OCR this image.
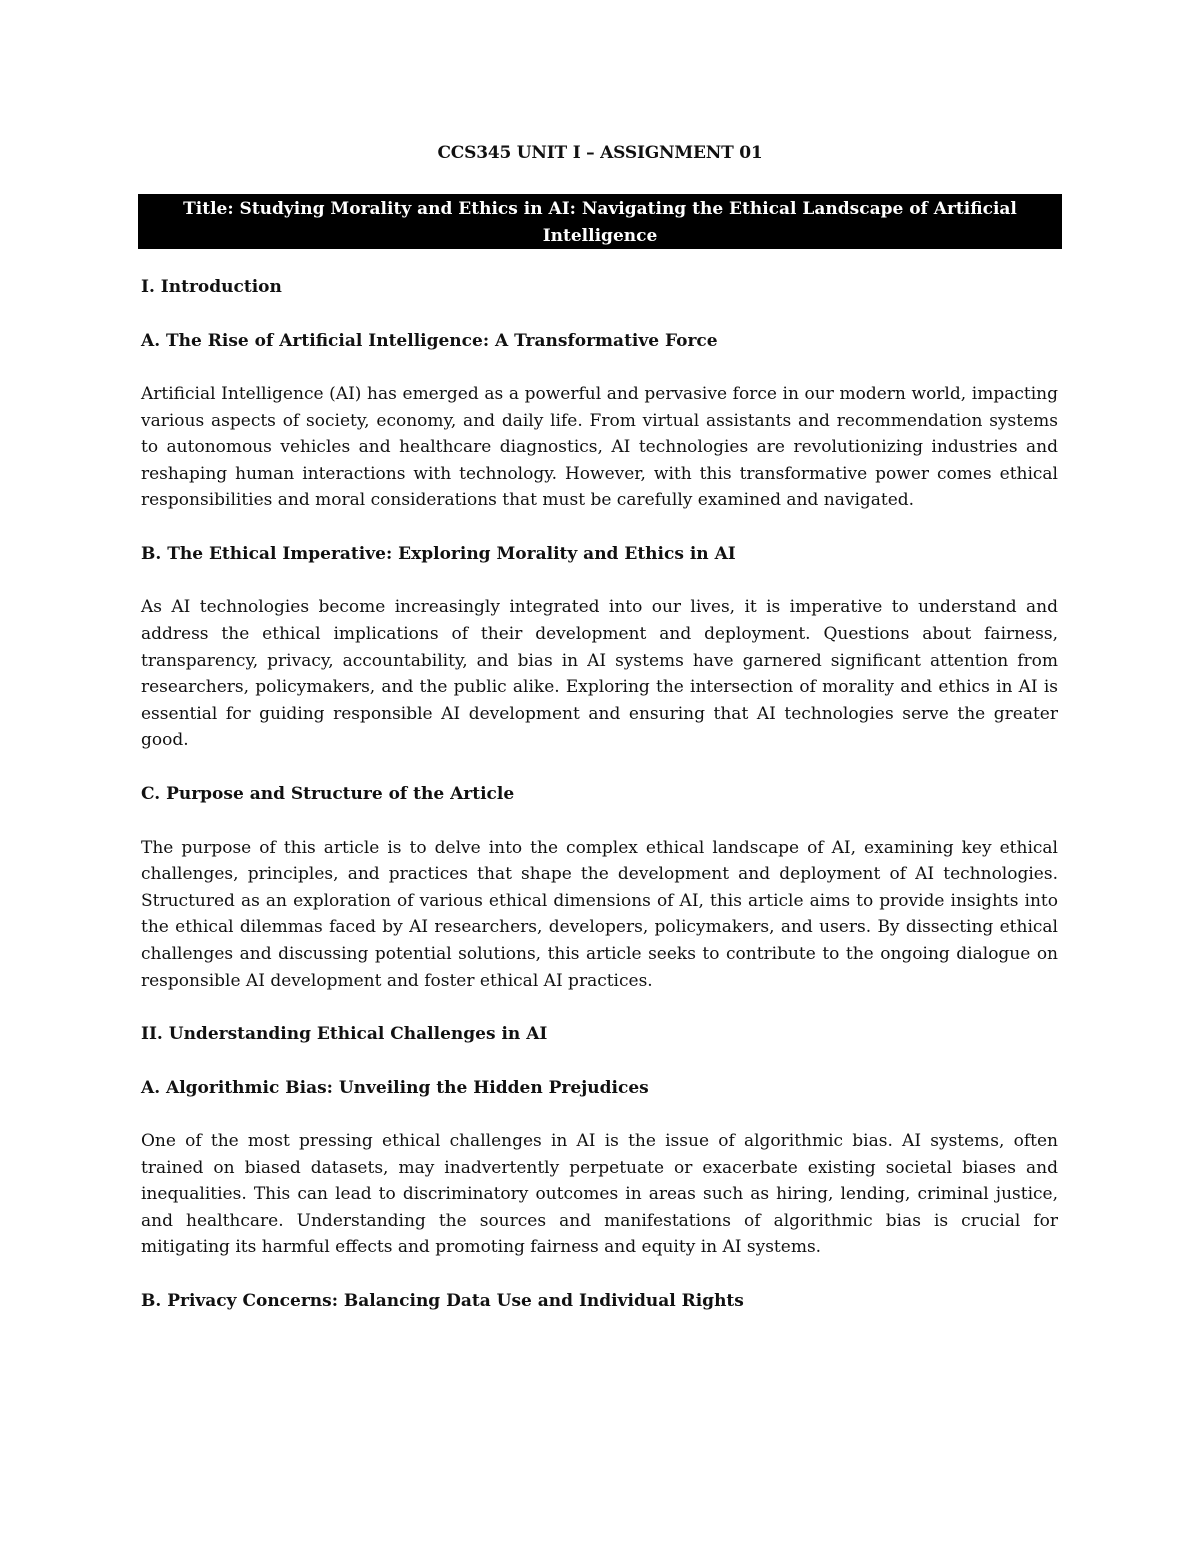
CCS345 UNIT I – ASSIGNMENT 01
Title: Studying Morality and Ethics in AI: Navigating the Ethical Landscape of Artificial Intelligence

I. Introduction

A. The Rise of Artificial Intelligence: A Transformative Force

Artificial Intelligence (AI) has emerged as a powerful and pervasive force in our modern world, impacting various aspects of society, economy, and daily life. From virtual assistants and recommendation systems to autonomous vehicles and healthcare diagnostics, AI technologies are revolutionizing industries and reshaping human interactions with technology. However, with this transformative power comes ethical responsibilities and moral considerations that must be carefully examined and navigated.

B. The Ethical Imperative: Exploring Morality and Ethics in AI

As AI technologies become increasingly integrated into our lives, it is imperative to understand and address the ethical implications of their development and deployment. Questions about fairness, transparency, privacy, accountability, and bias in AI systems have garnered significant attention from researchers, policymakers, and the public alike. Exploring the intersection of morality and ethics in AI is essential for guiding responsible AI development and ensuring that AI technologies serve the greater good.

C. Purpose and Structure of the Article

The purpose of this article is to delve into the complex ethical landscape of AI, examining key ethical challenges, principles, and practices that shape the development and deployment of AI technologies. Structured as an exploration of various ethical dimensions of AI, this article aims to provide insights into the ethical dilemmas faced by AI researchers, developers, policymakers, and users. By dissecting ethical challenges and discussing potential solutions, this article seeks to contribute to the ongoing dialogue on responsible AI development and foster ethical AI practices.

II. Understanding Ethical Challenges in AI

A. Algorithmic Bias: Unveiling the Hidden Prejudices

One of the most pressing ethical challenges in AI is the issue of algorithmic bias. AI systems, often trained on biased datasets, may inadvertently perpetuate or exacerbate existing societal biases and inequalities. This can lead to discriminatory outcomes in areas such as hiring, lending, criminal justice, and healthcare. Understanding the sources and manifestations of algorithmic bias is crucial for mitigating its harmful effects and promoting fairness and equity in AI systems.

B. Privacy Concerns: Balancing Data Use and Individual Rights
